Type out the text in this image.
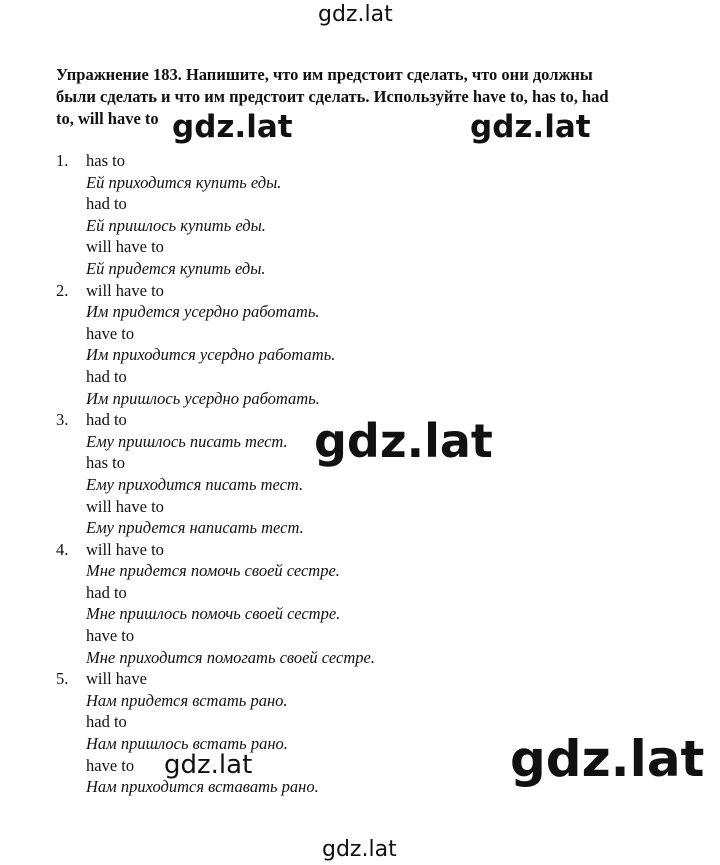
Упражнение 183. Напишите, что им предстоит сделать, что они должны
были сделать и что им предстоит сделать. Используйте have to, has to, had
to, will have to
1. has to
Ей приходится купить еды.
had to
Ей пришлось купить еды.
will have to
Ей придется купить еды.
2. will have to
Им придется усердно работать.
have to
Им приходится усердно работать.
had to
Им пришлось усердно работать.
3. had to
Ему пришлось писать тест.
has to
Ему приходится писать тест.
will have to
Ему придется написать тест.
4. will have to
Мне придется помочь своей сестре.
had to
Мне пришлось помочь своей сестре.
have to
Мне приходится помогать своей сестре.
5. will have
Нам придется встать рано.
had to
Нам пришлось встать рано.
have to
Нам приходится вставать рано.
gdz.lat
gdz.lat	gdz.lat
gdz.lat
gdz.lat	gdz.lat
gdz.lat
